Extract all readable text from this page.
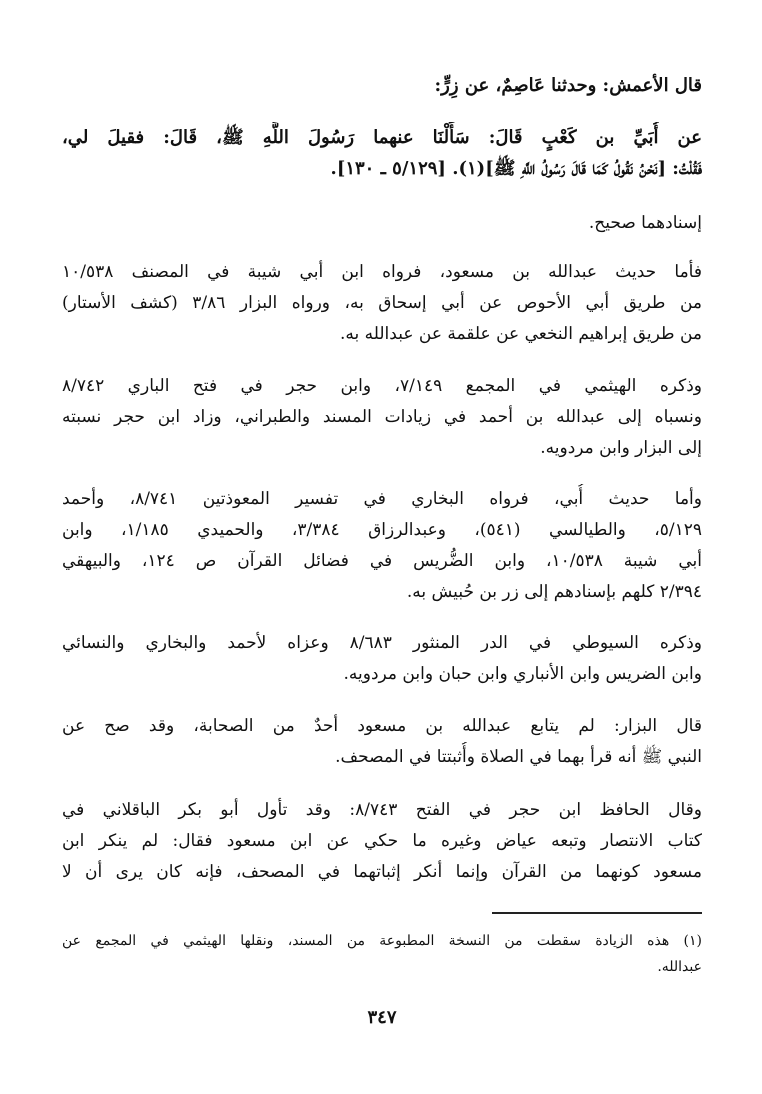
قال الأعمش: وحدثنا عَاصِمٌ، عن زِرٍّ:
عن أُبَيِّ بن كَعْبٍ قَالَ: سَأَلْنَا عنهما رَسُولَ اللَّهِ ﷺ، قَالَ: فقيلَ لي،
فَقُلْتُ: [نَحْنُ نَقُولُ كَمَا قَالَ رَسُولُ اللَّهِ ﷺ](١). [٥/١٢٩ ـ ١٣٠].
إسنادهما صحيح.
فأما حديث عبدالله بن مسعود، فرواه ابن أبي شيبة في المصنف ١٠/٥٣٨
من طريق أبي الأحوص عن أبي إسحاق به، ورواه البزار ٣/٨٦ (كشف الأستار)
من طريق إبراهيم النخعي عن علقمة عن عبدالله به.
وذكره الهيثمي في المجمع ٧/١٤٩، وابن حجر في فتح الباري ٨/٧٤٢
ونسباه إلى عبدالله بن أحمد في زيادات المسند والطبراني، وزاد ابن حجر نسبته
إلى البزار وابن مردويه.
وأما حديث أُبي، فرواه البخاري في تفسير المعوذتين ٨/٧٤١، وأحمد
٥/١٢٩، والطيالسي (٥٤١)، وعبدالرزاق ٣/٣٨٤، والحميدي ١/١٨٥، وابن
أبي شيبة ١٠/٥٣٨، وابن الضُّريس في فضائل القرآن ص ١٢٤، والبيهقي
٢/٣٩٤ كلهم بإسنادهم إلى زر بن حُبيش به.
وذكره السيوطي في الدر المنثور ٨/٦٨٣ وعزاه لأحمد والبخاري والنسائي
وابن الضريس وابن الأنباري وابن حبان وابن مردويه.
قال البزار: لم يتابع عبدالله بن مسعود أحدٌ من الصحابة، وقد صح عن
النبي ﷺ أنه قرأ بهما في الصلاة وأُثبتتا في المصحف.
وقال الحافظ ابن حجر في الفتح ٨/٧٤٣: وقد تأول أبو بكر الباقلاني في
كتاب الانتصار وتبعه عياض وغيره ما حكي عن ابن مسعود فقال: لم ينكر ابن
مسعود كونهما من القرآن وإنما أنكر إثباتهما في المصحف، فإنه كان يرى أن لا
(١) هذه الزيادة سقطت من النسخة المطبوعة من المسند، ونقلها الهيثمي في المجمع عن
عبدالله.
٣٤٧
